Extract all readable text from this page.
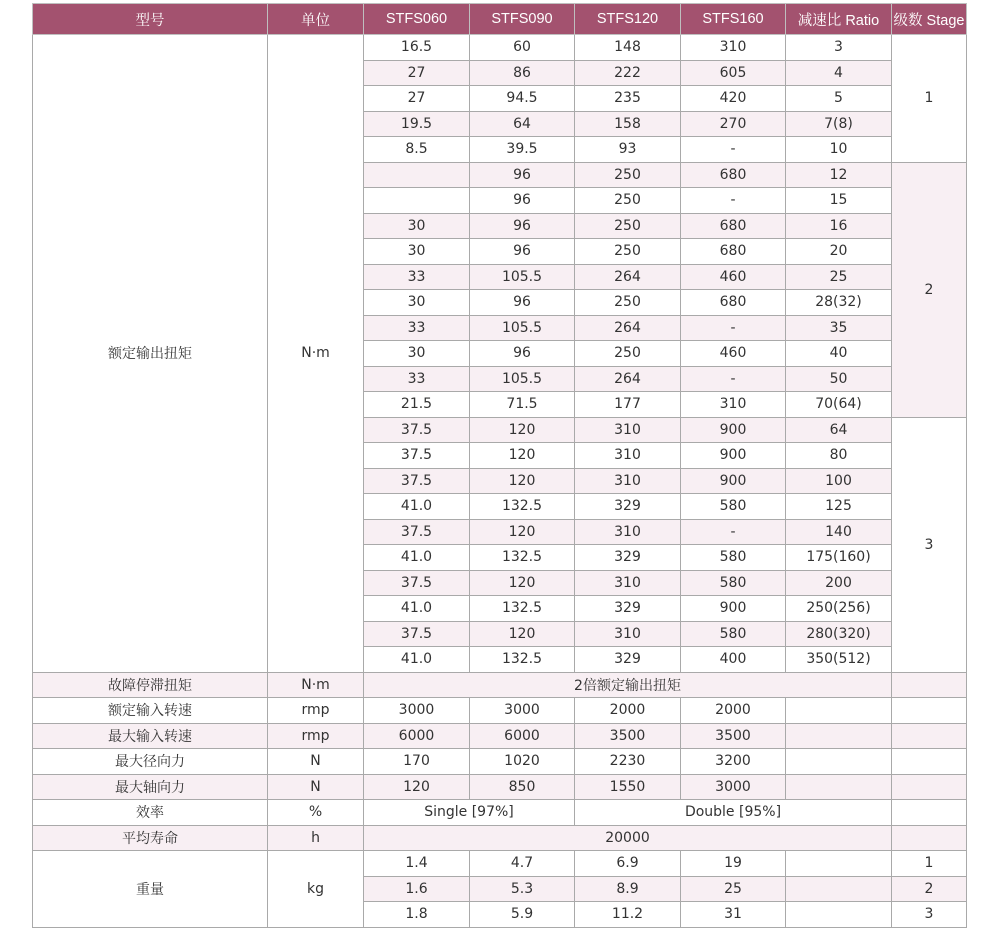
型号	单位	STFS060	STFS090	STFS120	STFS160	减速比 Ratio	级数 Stage
额定输出扭矩	N·m	16.5	60	148	310	3	1
		27	86	222	605	4	
		27	94.5	235	420	5	
		19.5	64	158	270	7(8)	
		8.5	39.5	93	-	10	
			96	250	680	12	2
			96	250	-	15	
		30	96	250	680	16	
		30	96	250	680	20	
		33	105.5	264	460	25	
		30	96	250	680	28(32)	
		33	105.5	264	-	35	
		30	96	250	460	40	
		33	105.5	264	-	50	
		21.5	71.5	177	310	70(64)	
		37.5	120	310	900	64	3
		37.5	120	310	900	80	
		37.5	120	310	900	100	
		41.0	132.5	329	580	125	
		37.5	120	310	-	140	
		41.0	132.5	329	580	175(160)	
		37.5	120	310	580	200	
		41.0	132.5	329	900	250(256)	
		37.5	120	310	580	280(320)	
		41.0	132.5	329	400	350(512)	
故障停滞扭矩	N·m	2倍额定输出扭矩					
额定输入转速	rmp	3000	3000	2000	2000		
最大输入转速	rmp	6000	6000	3500	3500		
最大径向力	N	170	1020	2230	3200		
最大轴向力	N	120	850	1550	3000		
效率	%	Single [97%]		Double [95%]			
平均寿命	h	20000					
重量	kg	1.4	4.7	6.9	19		1
		1.6	5.3	8.9	25		2
		1.8	5.9	11.2	31		3
